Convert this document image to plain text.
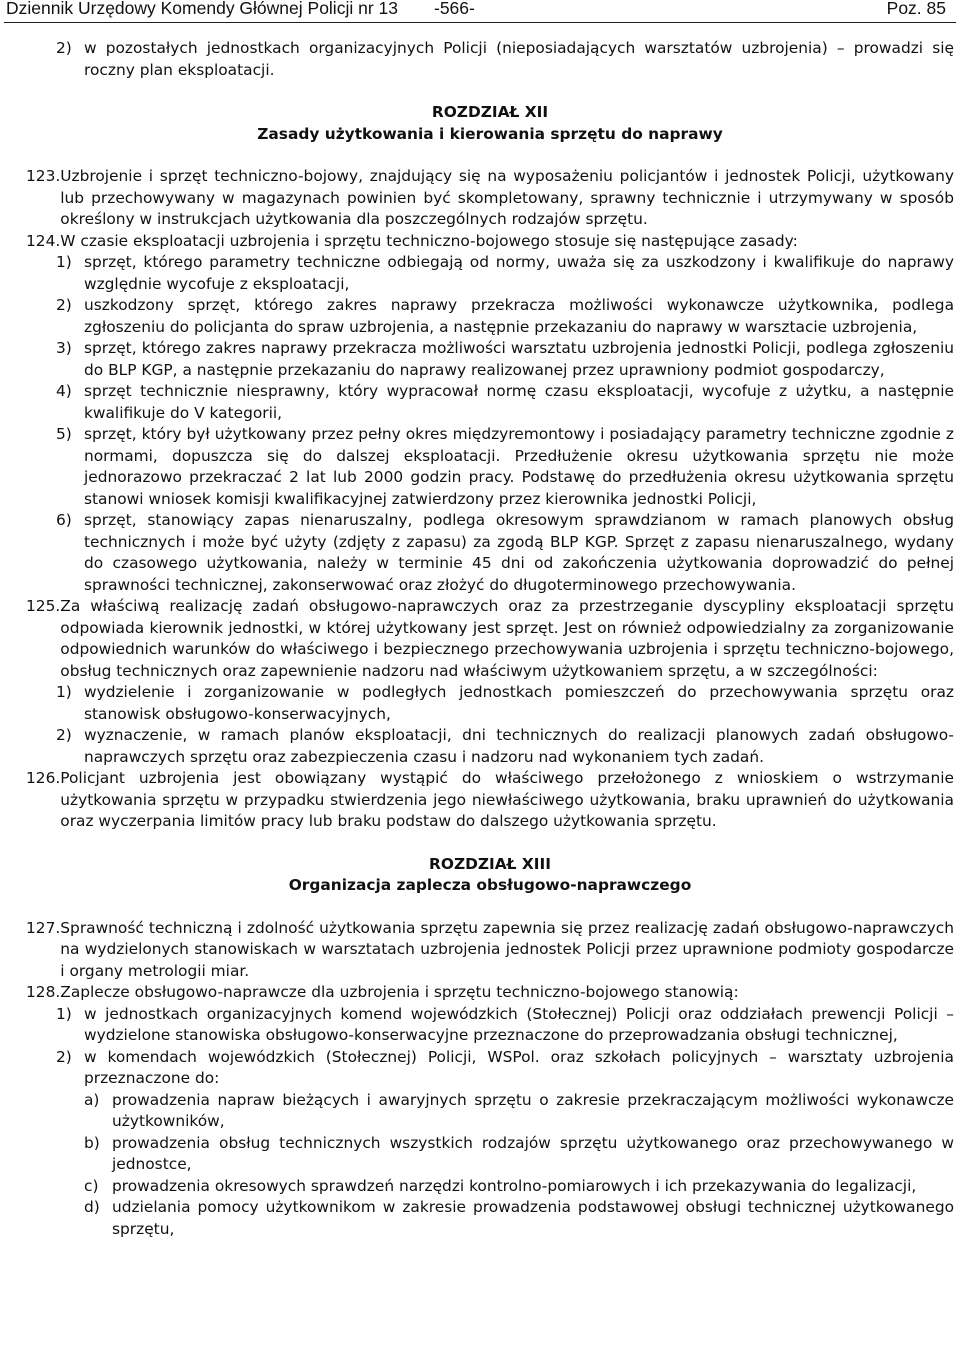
Dziennik Urzędowy Komendy Głównej Policji nr 13 -566-	Poz. 85
2) w pozostałych jednostkach organizacyjnych Policji (nieposiadających warsztatów uzbrojenia) – prowadzi się roczny plan eksploatacji.
ROZDZIAŁ XII
Zasady użytkowania i kierowania sprzętu do naprawy
123. Uzbrojenie i sprzęt techniczno-bojowy, znajdujący się na wyposażeniu policjantów i jednostek Policji, użytkowany lub przechowywany w magazynach powinien być skompletowany, sprawny technicznie i utrzymywany w sposób określony w instrukcjach użytkowania dla poszczególnych rodzajów sprzętu.
124. W czasie eksploatacji uzbrojenia i sprzętu techniczno-bojowego stosuje się następujące zasady:
1) sprzęt, którego parametry techniczne odbiegają od normy, uważa się za uszkodzony i kwalifikuje do naprawy względnie wycofuje z eksploatacji,
2) uszkodzony sprzęt, którego zakres naprawy przekracza możliwości wykonawcze użytkownika, podlega zgłoszeniu do policjanta do spraw uzbrojenia, a następnie przekazaniu do naprawy w warsztacie uzbrojenia,
3) sprzęt, którego zakres naprawy przekracza możliwości warsztatu uzbrojenia jednostki Policji, podlega zgłoszeniu do BLP KGP, a następnie przekazaniu do naprawy realizowanej przez uprawniony podmiot gospodarczy,
4) sprzęt technicznie niesprawny, który wypracował normę czasu eksploatacji, wycofuje z użytku, a następnie kwalifikuje do V kategorii,
5) sprzęt, który był użytkowany przez pełny okres międzyremontowy i posiadający parametry techniczne zgodnie z normami, dopuszcza się do dalszej eksploatacji. Przedłużenie okresu użytkowania sprzętu nie może jednorazowo przekraczać 2 lat lub 2000 godzin pracy. Podstawę do przedłużenia okresu użytkowania sprzętu stanowi wniosek komisji kwalifikacyjnej zatwierdzony przez kierownika jednostki Policji,
6) sprzęt, stanowiący zapas nienaruszalny, podlega okresowym sprawdzianom w ramach planowych obsług technicznych i może być użyty (zdjęty z zapasu) za zgodą BLP KGP. Sprzęt z zapasu nienaruszalnego, wydany do czasowego użytkowania, należy w terminie 45 dni od zakończenia użytkowania doprowadzić do pełnej sprawności technicznej, zakonserwować oraz złożyć do długoterminowego przechowywania.
125. Za właściwą realizację zadań obsługowo-naprawczych oraz za przestrzeganie dyscypliny eksploatacji sprzętu odpowiada kierownik jednostki, w której użytkowany jest sprzęt. Jest on również odpowiedzialny za zorganizowanie odpowiednich warunków do właściwego i bezpiecznego przechowywania uzbrojenia i sprzętu techniczno-bojowego, obsług technicznych oraz zapewnienie nadzoru nad właściwym użytkowaniem sprzętu, a w szczególności:
1) wydzielenie i zorganizowanie w podległych jednostkach pomieszczeń do przechowywania sprzętu oraz stanowisk obsługowo-konserwacyjnych,
2) wyznaczenie, w ramach planów eksploatacji, dni technicznych do realizacji planowych zadań obsługowo-naprawczych sprzętu oraz zabezpieczenia czasu i nadzoru nad wykonaniem tych zadań.
126. Policjant uzbrojenia jest obowiązany wystąpić do właściwego przełożonego z wnioskiem o wstrzymanie użytkowania sprzętu w przypadku stwierdzenia jego niewłaściwego użytkowania, braku uprawnień do użytkowania oraz wyczerpania limitów pracy lub braku podstaw do dalszego użytkowania sprzętu.
ROZDZIAŁ XIII
Organizacja zaplecza obsługowo-naprawczego
127. Sprawność techniczną i zdolność użytkowania sprzętu zapewnia się przez realizację zadań obsługowo-naprawczych na wydzielonych stanowiskach w warsztatach uzbrojenia jednostek Policji przez uprawnione podmioty gospodarcze i organy metrologii miar.
128. Zaplecze obsługowo-naprawcze dla uzbrojenia i sprzętu techniczno-bojowego stanowią:
1) w jednostkach organizacyjnych komend wojewódzkich (Stołecznej) Policji oraz oddziałach prewencji Policji – wydzielone stanowiska obsługowo-konserwacyjne przeznaczone do przeprowadzania obsługi technicznej,
2) w komendach wojewódzkich (Stołecznej) Policji, WSPol. oraz szkołach policyjnych – warsztaty uzbrojenia przeznaczone do:
a) prowadzenia napraw bieżących i awaryjnych sprzętu o zakresie przekraczającym możliwości wykonawcze użytkowników,
b) prowadzenia obsług technicznych wszystkich rodzajów sprzętu użytkowanego oraz przechowywanego w jednostce,
c) prowadzenia okresowych sprawdzeń narzędzi kontrolno-pomiarowych i ich przekazywania do legalizacji,
d) udzielania pomocy użytkownikom w zakresie prowadzenia podstawowej obsługi technicznej użytkowanego sprzętu,
